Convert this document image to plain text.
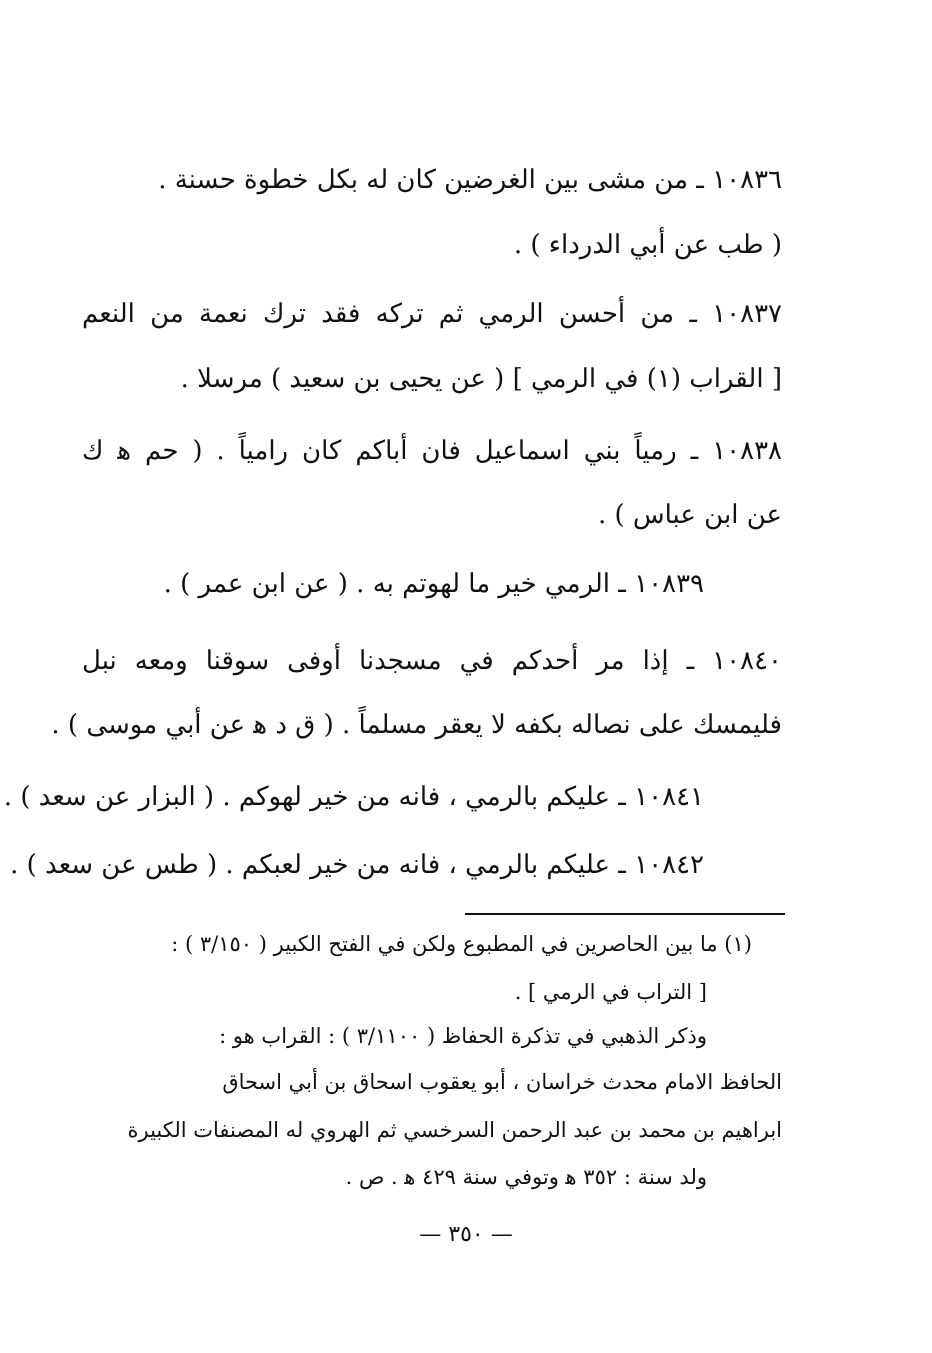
١٠٨٣٦ ـ من مشى بين الغرضين كان له بكل خطوة حسنة .
( طب عن أبي الدرداء ) .
١٠٨٣٧ ـ من أحسن الرمي ثم تركه فقد ترك نعمة من النعم
[ القراب (١) في الرمي ] ( عن يحيى بن سعيد ) مرسلا .
١٠٨٣٨ ـ رمياً بني اسماعيل فان أباكم كان رامياً . ( حم ﻫ ك
عن ابن عباس ) .
١٠٨٣٩ ـ الرمي خير ما لهوتم به . ( عن ابن عمر ) .
١٠٨٤٠ ـ إذا مر أحدكم في مسجدنا أوفى سوقنا ومعه نبل
فليمسك على نصاله بكفه لا يعقر مسلماً . ( ق د ﻫ عن أبي موسى ) .
١٠٨٤١ ـ عليكم بالرمي ، فانه من خير لهوكم . ( البزار عن سعد ) .
١٠٨٤٢ ـ عليكم بالرمي ، فانه من خير لعبكم . ( طس عن سعد ) .
(١) ما بين الحاصرين في المطبوع ولكن في الفتح الكبير ( ٣/١٥٠ ) :
[ التراب في الرمي ] .
وذكر الذهبي في تذكرة الحفاظ ( ٣/١١٠٠ ) : القراب هو :
الحافظ الامام محدث خراسان ، أبو يعقوب اسحاق بن أبي اسحاق
ابراهيم بن محمد بن عبد الرحمن السرخسي ثم الهروي له المصنفات الكبيرة
ولد سنة : ٣٥٢ ﻫ وتوفي سنة ٤٢٩ ﻫ . ص .
— ٣٥٠ —
